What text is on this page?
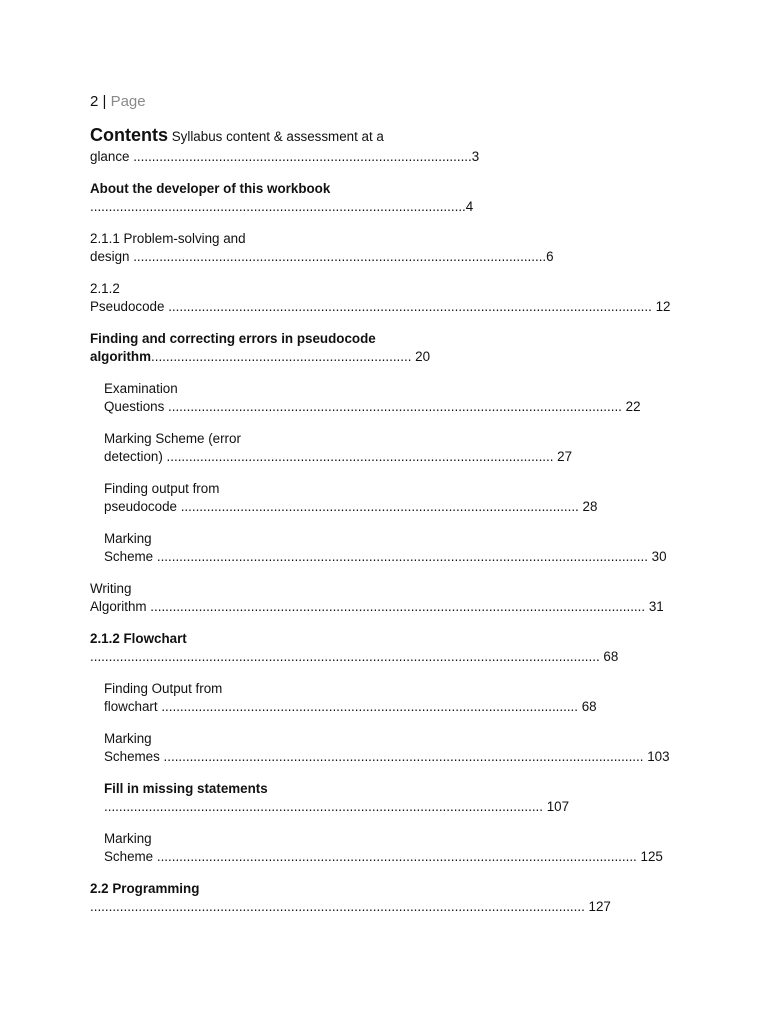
2 | Page
Contents Syllabus content & assessment at a
glance ...........................................................................................3
About the developer of this workbook
.....................................................................................................4
2.1.1 Problem-solving and
design ...............................................................................................................6
2.1.2
Pseudocode .................................................................................................................................. 12
Finding and correcting errors in pseudocode
algorithm...................................................................... 20
Examination
Questions .......................................................................................................................... 22
Marking Scheme (error
detection) ........................................................................................................ 27
Finding output from
pseudocode ........................................................................................................... 28
Marking
Scheme .................................................................................................................................... 30
Writing
Algorithm ..................................................................................................................................... 31
2.1.2 Flowchart
......................................................................................................................................... 68
Finding Output from
flowchart ................................................................................................................ 68
Marking
Schemes ................................................................................................................................. 103
Fill in missing statements
...................................................................................................................... 107
Marking
Scheme ................................................................................................................................. 125
2.2 Programming
..................................................................................................................................... 127
